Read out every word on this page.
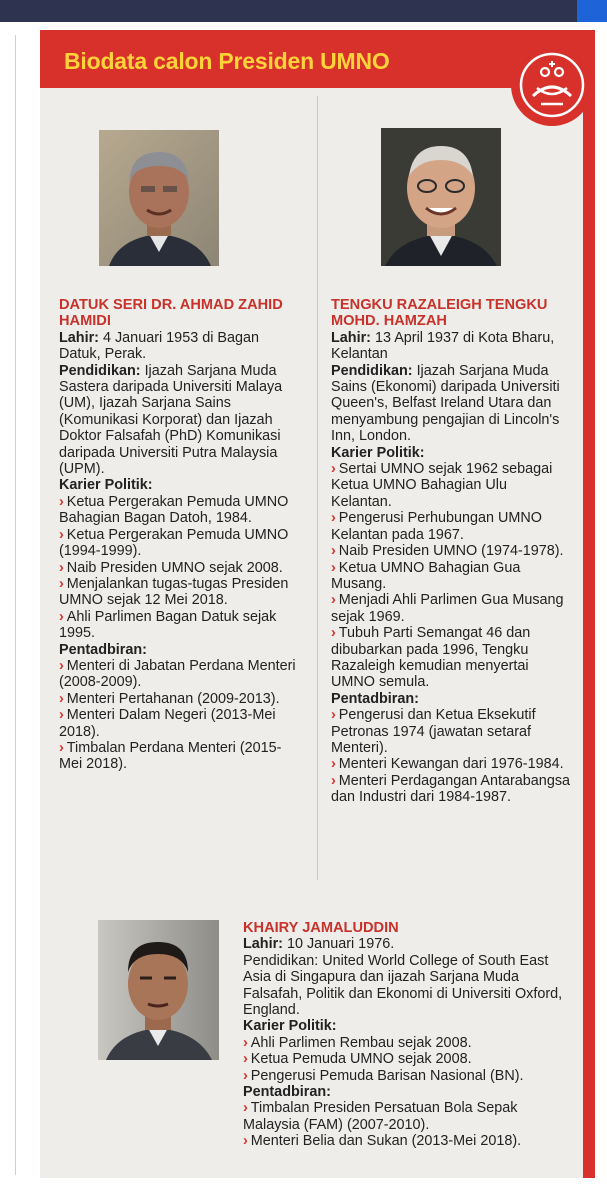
Biodata calon Presiden UMNO

DATUK SERI DR. AHMAD ZAHID HAMIDI

Lahir: 4 Januari 1953 di Bagan Datuk, Perak.

Pendidikan: Ijazah Sarjana Muda Sastera daripada Universiti Malaya (UM), Ijazah Sarjana Sains (Komunikasi Korporat) dan Ijazah Doktor Falsafah (PhD) Komunikasi daripada Universiti Putra Malaysia (UPM).

Karier Politik:

› Ketua Pergerakan Pemuda UMNO Bahagian Bagan Datoh, 1984.
› Ketua Pergerakan Pemuda UMNO (1994-1999).
› Naib Presiden UMNO sejak 2008.
› Menjalankan tugas-tugas Presiden UMNO sejak 12 Mei 2018.
› Ahli Parlimen Bagan Datuk sejak 1995.

Pentadbiran:

› Menteri di Jabatan Perdana Menteri (2008-2009).
› Menteri Pertahanan (2009-2013).
› Menteri Dalam Negeri (2013-Mei 2018).
› Timbalan Perdana Menteri (2015-Mei 2018).

TENGKU RAZALEIGH TENGKU MOHD. HAMZAH

Lahir: 13 April 1937 di Kota Bharu, Kelantan

Pendidikan: Ijazah Sarjana Muda Sains (Ekonomi) daripada Universiti Queen's, Belfast Ireland Utara dan menyambung pengajian di Lincoln's Inn, London.

Karier Politik:

› Sertai UMNO sejak 1962 sebagai Ketua UMNO Bahagian Ulu Kelantan.
› Pengerusi Perhubungan UMNO Kelantan pada 1967.
› Naib Presiden UMNO (1974-1978).
› Ketua UMNO Bahagian Gua Musang.
› Menjadi Ahli Parlimen Gua Musang sejak 1969.
› Tubuh Parti Semangat 46 dan dibubarkan pada 1996, Tengku Razaleigh kemudian menyertai UMNO semula.

Pentadbiran:

› Pengerusi dan Ketua Eksekutif Petronas 1974 (jawatan setaraf Menteri).
› Menteri Kewangan dari 1976-1984.
› Menteri Perdagangan Antarabangsa dan Industri dari 1984-1987.

KHAIRY JAMALUDDIN

Lahir: 10 Januari 1976.

Pendidikan: United World College of South East Asia di Singapura dan ijazah Sarjana Muda Falsafah, Politik dan Ekonomi di Universiti Oxford, England.

Karier Politik:

› Ahli Parlimen Rembau sejak 2008.
› Ketua Pemuda UMNO sejak 2008.
› Pengerusi Pemuda Barisan Nasional (BN).

Pentadbiran:

› Timbalan Presiden Persatuan Bola Sepak Malaysia (FAM) (2007-2010).
› Menteri Belia dan Sukan (2013-Mei 2018).
